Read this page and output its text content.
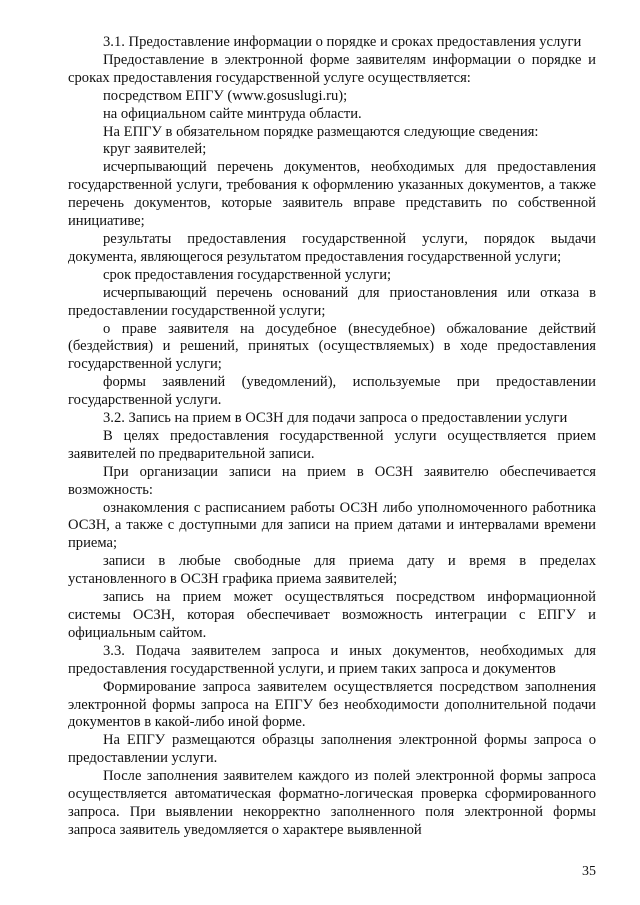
3.1. Предоставление информации о порядке и сроках предоставления услуги

Предоставление в электронной форме заявителям информации о порядке и сроках предоставления государственной услуге осуществляется:

посредством ЕПГУ (www.gosuslugi.ru);

на официальном сайте минтруда области.

На ЕПГУ в обязательном порядке размещаются следующие сведения:

круг заявителей;

исчерпывающий перечень документов, необходимых для предоставления государственной услуги, требования к оформлению указанных документов, а также перечень документов, которые заявитель вправе представить по собственной инициативе;

результаты предоставления государственной услуги, порядок выдачи документа, являющегося результатом предоставления государственной услуги;

срок предоставления государственной услуги;

исчерпывающий перечень оснований для приостановления или отказа в предоставлении государственной услуги;

о праве заявителя на досудебное (внесудебное) обжалование действий (бездействия) и решений, принятых (осуществляемых) в ходе предоставления государственной услуги;

формы заявлений (уведомлений), используемые при предоставлении государственной услуги.

3.2. Запись на прием в ОСЗН для подачи запроса о предоставлении услуги

В целях предоставления государственной услуги осуществляется прием заявителей по предварительной записи.

При организации записи на прием в ОСЗН заявителю обеспечивается возможность:

ознакомления с расписанием работы ОСЗН либо уполномоченного работника ОСЗН, а также с доступными для записи на прием датами и интервалами времени приема;

записи в любые свободные для приема дату и время в пределах установленного в ОСЗН графика приема заявителей;

запись на прием может осуществляться посредством информационной системы ОСЗН, которая обеспечивает возможность интеграции с ЕПГУ и официальным сайтом.

3.3. Подача заявителем запроса и иных документов, необходимых для предоставления государственной услуги, и прием таких запроса и документов

Формирование запроса заявителем осуществляется посредством заполнения электронной формы запроса на ЕПГУ без необходимости дополнительной подачи документов в какой-либо иной форме.

На ЕПГУ размещаются образцы заполнения электронной формы запроса о предоставлении услуги.

После заполнения заявителем каждого из полей электронной формы запроса осуществляется автоматическая форматно-логическая проверка сформированного запроса. При выявлении некорректно заполненного поля электронной формы запроса заявитель уведомляется о характере выявленной

35
